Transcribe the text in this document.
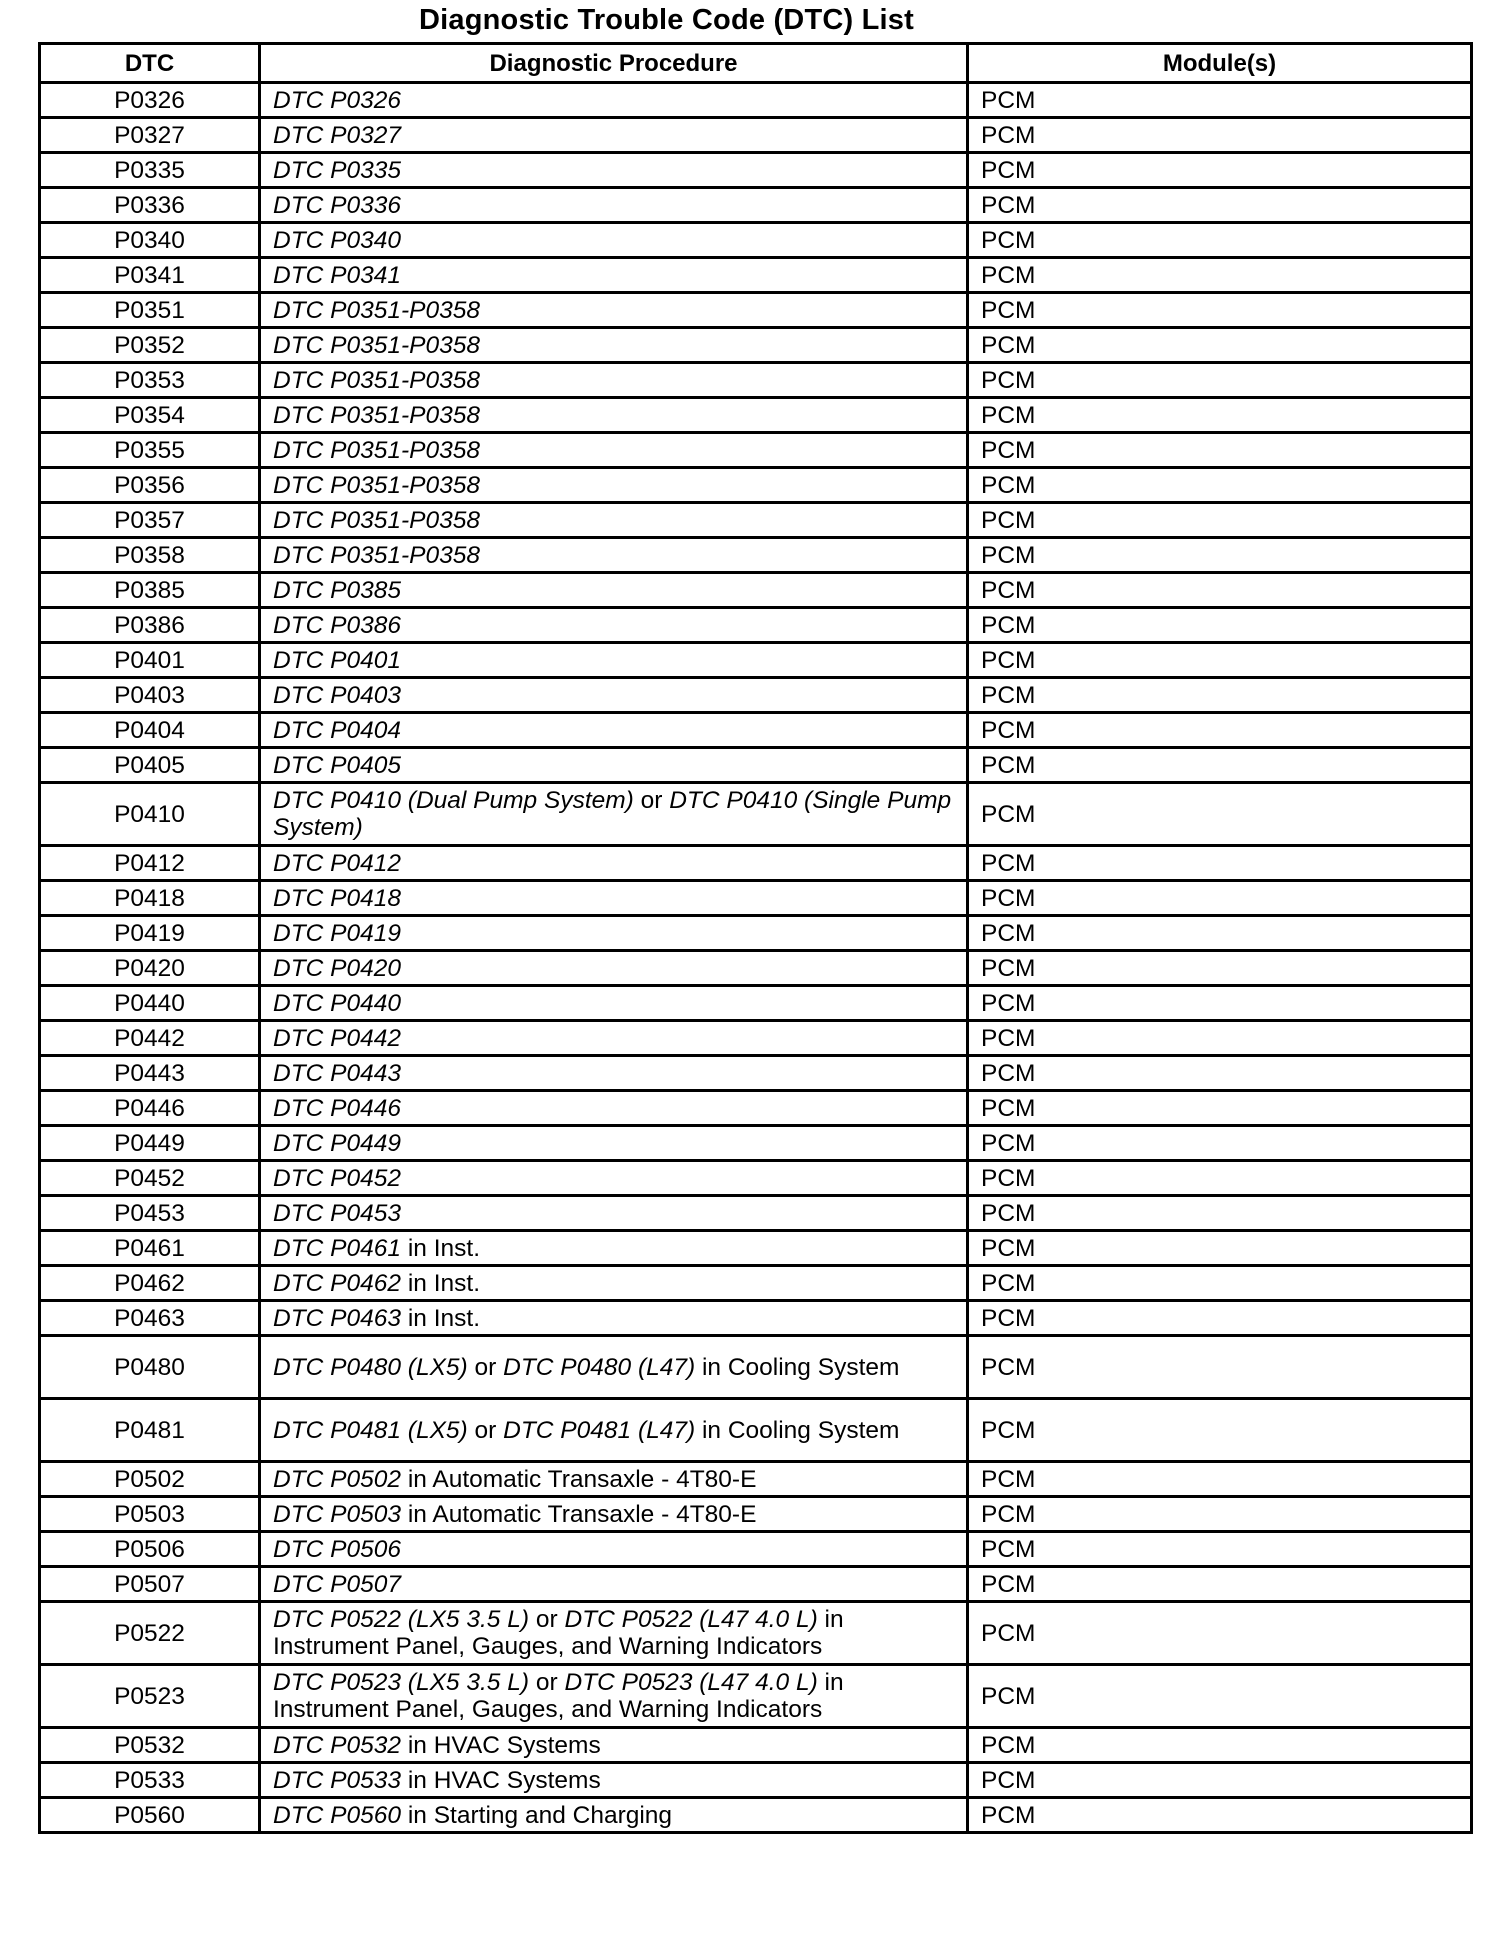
Diagnostic Trouble Code (DTC) List
DTC	Diagnostic Procedure	Module(s)
P0326	DTC P0326	PCM
P0327	DTC P0327	PCM
P0335	DTC P0335	PCM
P0336	DTC P0336	PCM
P0340	DTC P0340	PCM
P0341	DTC P0341	PCM
P0351	DTC P0351-P0358	PCM
P0352	DTC P0351-P0358	PCM
P0353	DTC P0351-P0358	PCM
P0354	DTC P0351-P0358	PCM
P0355	DTC P0351-P0358	PCM
P0356	DTC P0351-P0358	PCM
P0357	DTC P0351-P0358	PCM
P0358	DTC P0351-P0358	PCM
P0385	DTC P0385	PCM
P0386	DTC P0386	PCM
P0401	DTC P0401	PCM
P0403	DTC P0403	PCM
P0404	DTC P0404	PCM
P0405	DTC P0405	PCM
P0410	DTC P0410 (Dual Pump System) or DTC P0410 (Single Pump System)	PCM
P0412	DTC P0412	PCM
P0418	DTC P0418	PCM
P0419	DTC P0419	PCM
P0420	DTC P0420	PCM
P0440	DTC P0440	PCM
P0442	DTC P0442	PCM
P0443	DTC P0443	PCM
P0446	DTC P0446	PCM
P0449	DTC P0449	PCM
P0452	DTC P0452	PCM
P0453	DTC P0453	PCM
P0461	DTC P0461 in Inst.	PCM
P0462	DTC P0462 in Inst.	PCM
P0463	DTC P0463 in Inst.	PCM
P0480	DTC P0480 (LX5) or DTC P0480 (L47) in Cooling System	PCM
P0481	DTC P0481 (LX5) or DTC P0481 (L47) in Cooling System	PCM
P0502	DTC P0502 in Automatic Transaxle - 4T80-E	PCM
P0503	DTC P0503 in Automatic Transaxle - 4T80-E	PCM
P0506	DTC P0506	PCM
P0507	DTC P0507	PCM
P0522	DTC P0522 (LX5 3.5 L) or DTC P0522 (L47 4.0 L) in Instrument Panel, Gauges, and Warning Indicators	PCM
P0523	DTC P0523 (LX5 3.5 L) or DTC P0523 (L47 4.0 L) in Instrument Panel, Gauges, and Warning Indicators	PCM
P0532	DTC P0532 in HVAC Systems	PCM
P0533	DTC P0533 in HVAC Systems	PCM
P0560	DTC P0560 in Starting and Charging	PCM
